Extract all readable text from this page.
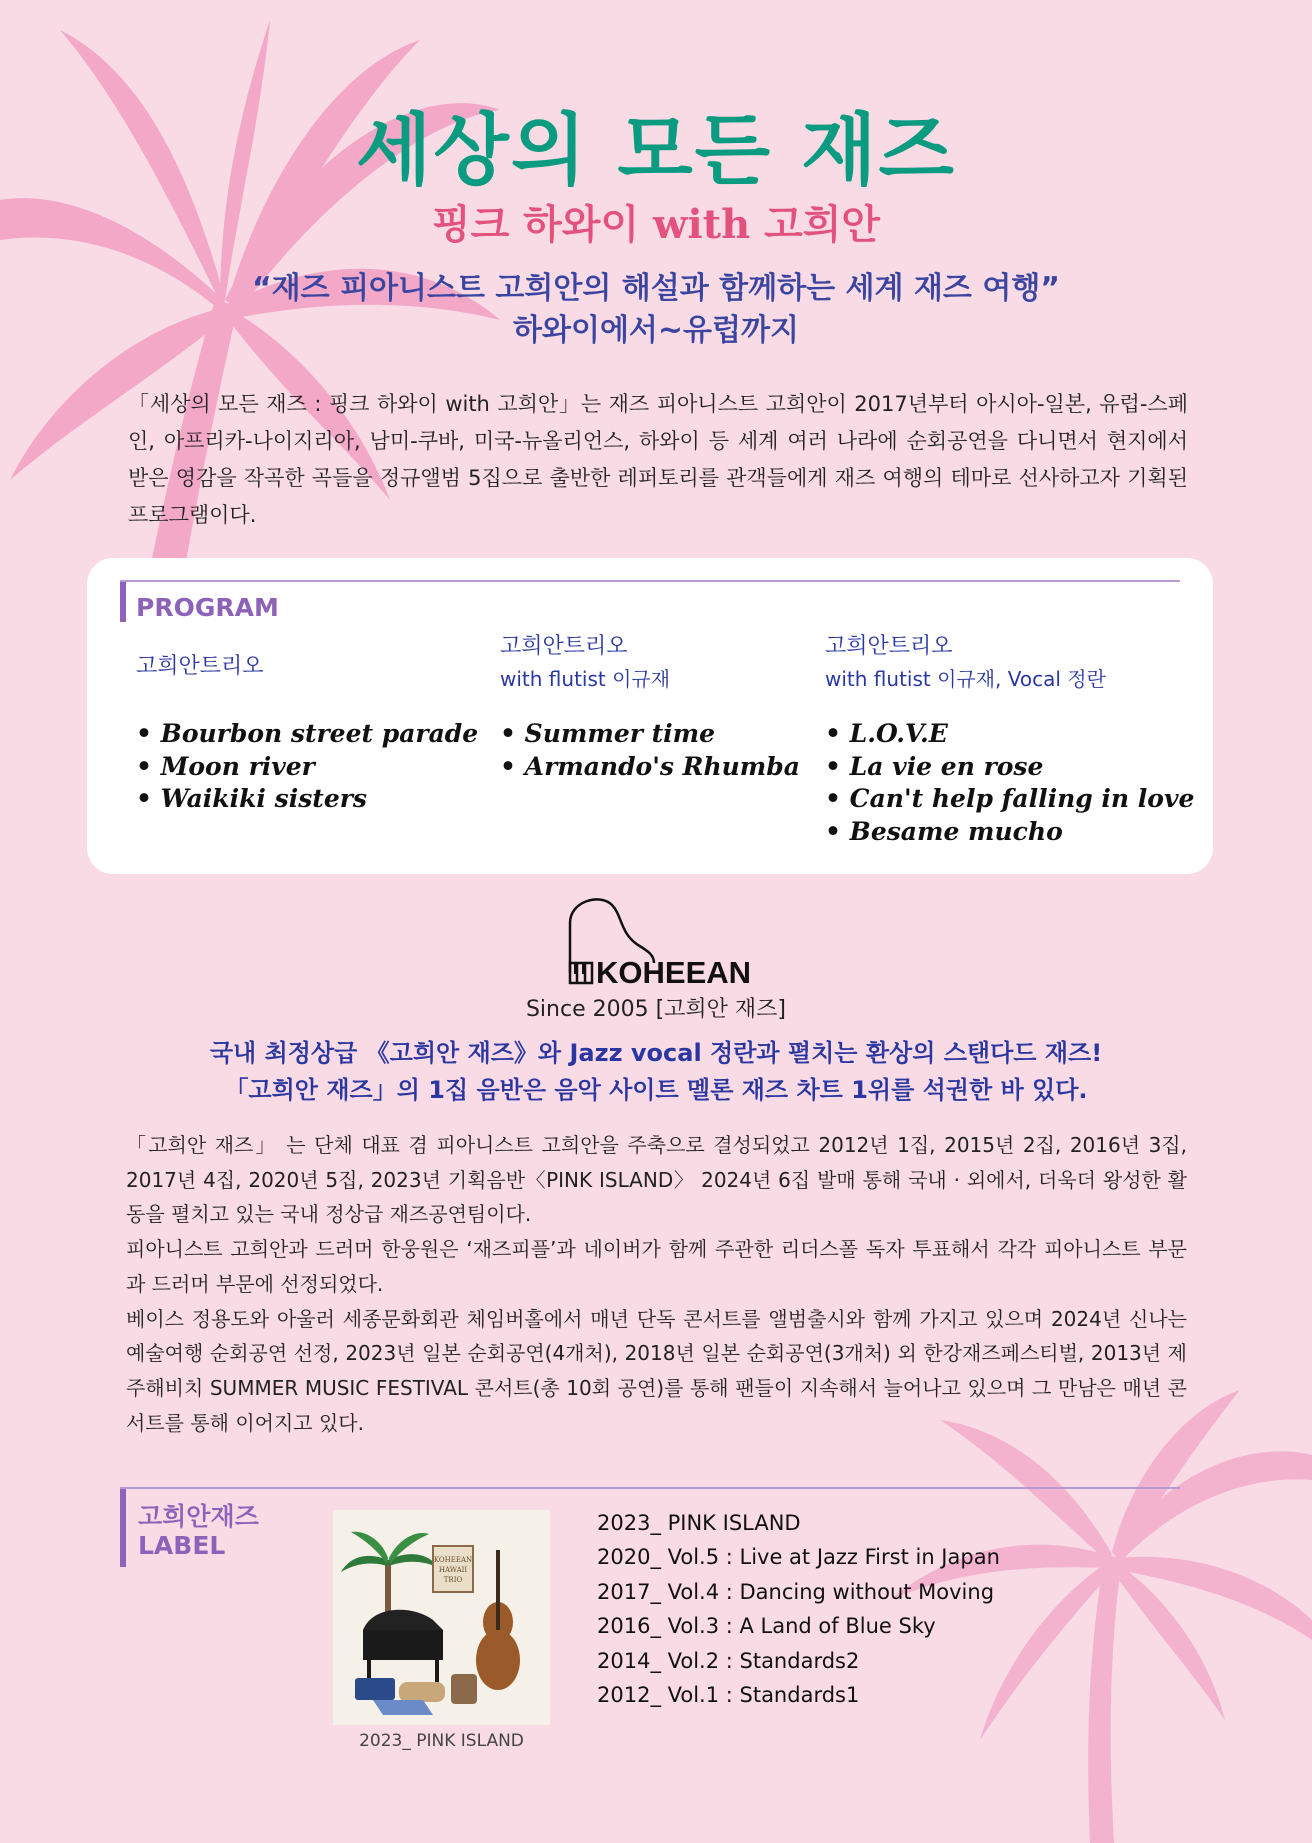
세상의 모든 재즈
핑크 하와이 with 고희안
“재즈 피아니스트 고희안의 해설과 함께하는 세계 재즈 여행”
하와이에서~유럽까지

「세상의 모든 재즈 : 핑크 하와이 with 고희안」는 재즈 피아니스트 고희안이 2017년부터 아시아-일본, 유럽-스페인, 아프리카-나이지리아, 남미-쿠바, 미국-뉴올리언스, 하와이 등 세계 여러 나라에 순회공연을 다니면서 현지에서 받은 영감을 작곡한 곡들을 정규앨범 5집으로 출반한 레퍼토리를 관객들에게 재즈 여행의 테마로 선사하고자 기획된 프로그램이다.

PROGRAM
고희안트리오
고희안트리오
with flutist 이규재
고희안트리오
with flutist 이규재, Vocal 정란
• Bourbon street parade
• Moon river
• Waikiki sisters
• Summer time
• Armando's Rhumba
• L.O.V.E
• La vie en rose
• Can't help falling in love
• Besame mucho
KOHEEAN

Since 2005 [고희안 재즈]

국내 최정상급 《고희안 재즈》와 Jazz vocal 정란과 펼치는 환상의 스탠다드 재즈!
「고희안 재즈」의 1집 음반은 음악 사이트 멜론 재즈 차트 1위를 석권한 바 있다.

「고희안 재즈」 는 단체 대표 겸 피아니스트 고희안을 주축으로 결성되었고 2012년 1집, 2015년 2집, 2016년 3집, 2017년 4집, 2020년 5집, 2023년 기획음반〈PINK ISLAND〉 2024년 6집 발매 통해 국내 · 외에서, 더욱더 왕성한 활동을 펼치고 있는 국내 정상급 재즈공연팀이다.

피아니스트 고희안과 드러머 한웅원은 ‘재즈피플’과 네이버가 함께 주관한 리더스폴 독자 투표해서 각각 피아니스트 부문과 드러머 부문에 선정되었다.

베이스 정용도와 아울러 세종문화회관 체임버홀에서 매년 단독 콘서트를 앨범출시와 함께 가지고 있으며 2024년 신나는 예술여행 순회공연 선정, 2023년 일본 순회공연(4개처), 2018년 일본 순회공연(3개처) 외 한강재즈페스티벌, 2013년 제주해비치 SUMMER MUSIC FESTIVAL 콘서트(총 10회 공연)를 통해 팬들이 지속해서 늘어나고 있으며 그 만남은 매년 콘서트를 통해 이어지고 있다.

고희안재즈
LABEL
KOHEEAN
HAWAII
TRIO

2023_ PINK ISLAND

2023_ PINK ISLAND
2020_ Vol.5 : Live at Jazz First in Japan
2017_ Vol.4 : Dancing without Moving
2016_ Vol.3 : A Land of Blue Sky
2014_ Vol.2 : Standards2
2012_ Vol.1 : Standards1
